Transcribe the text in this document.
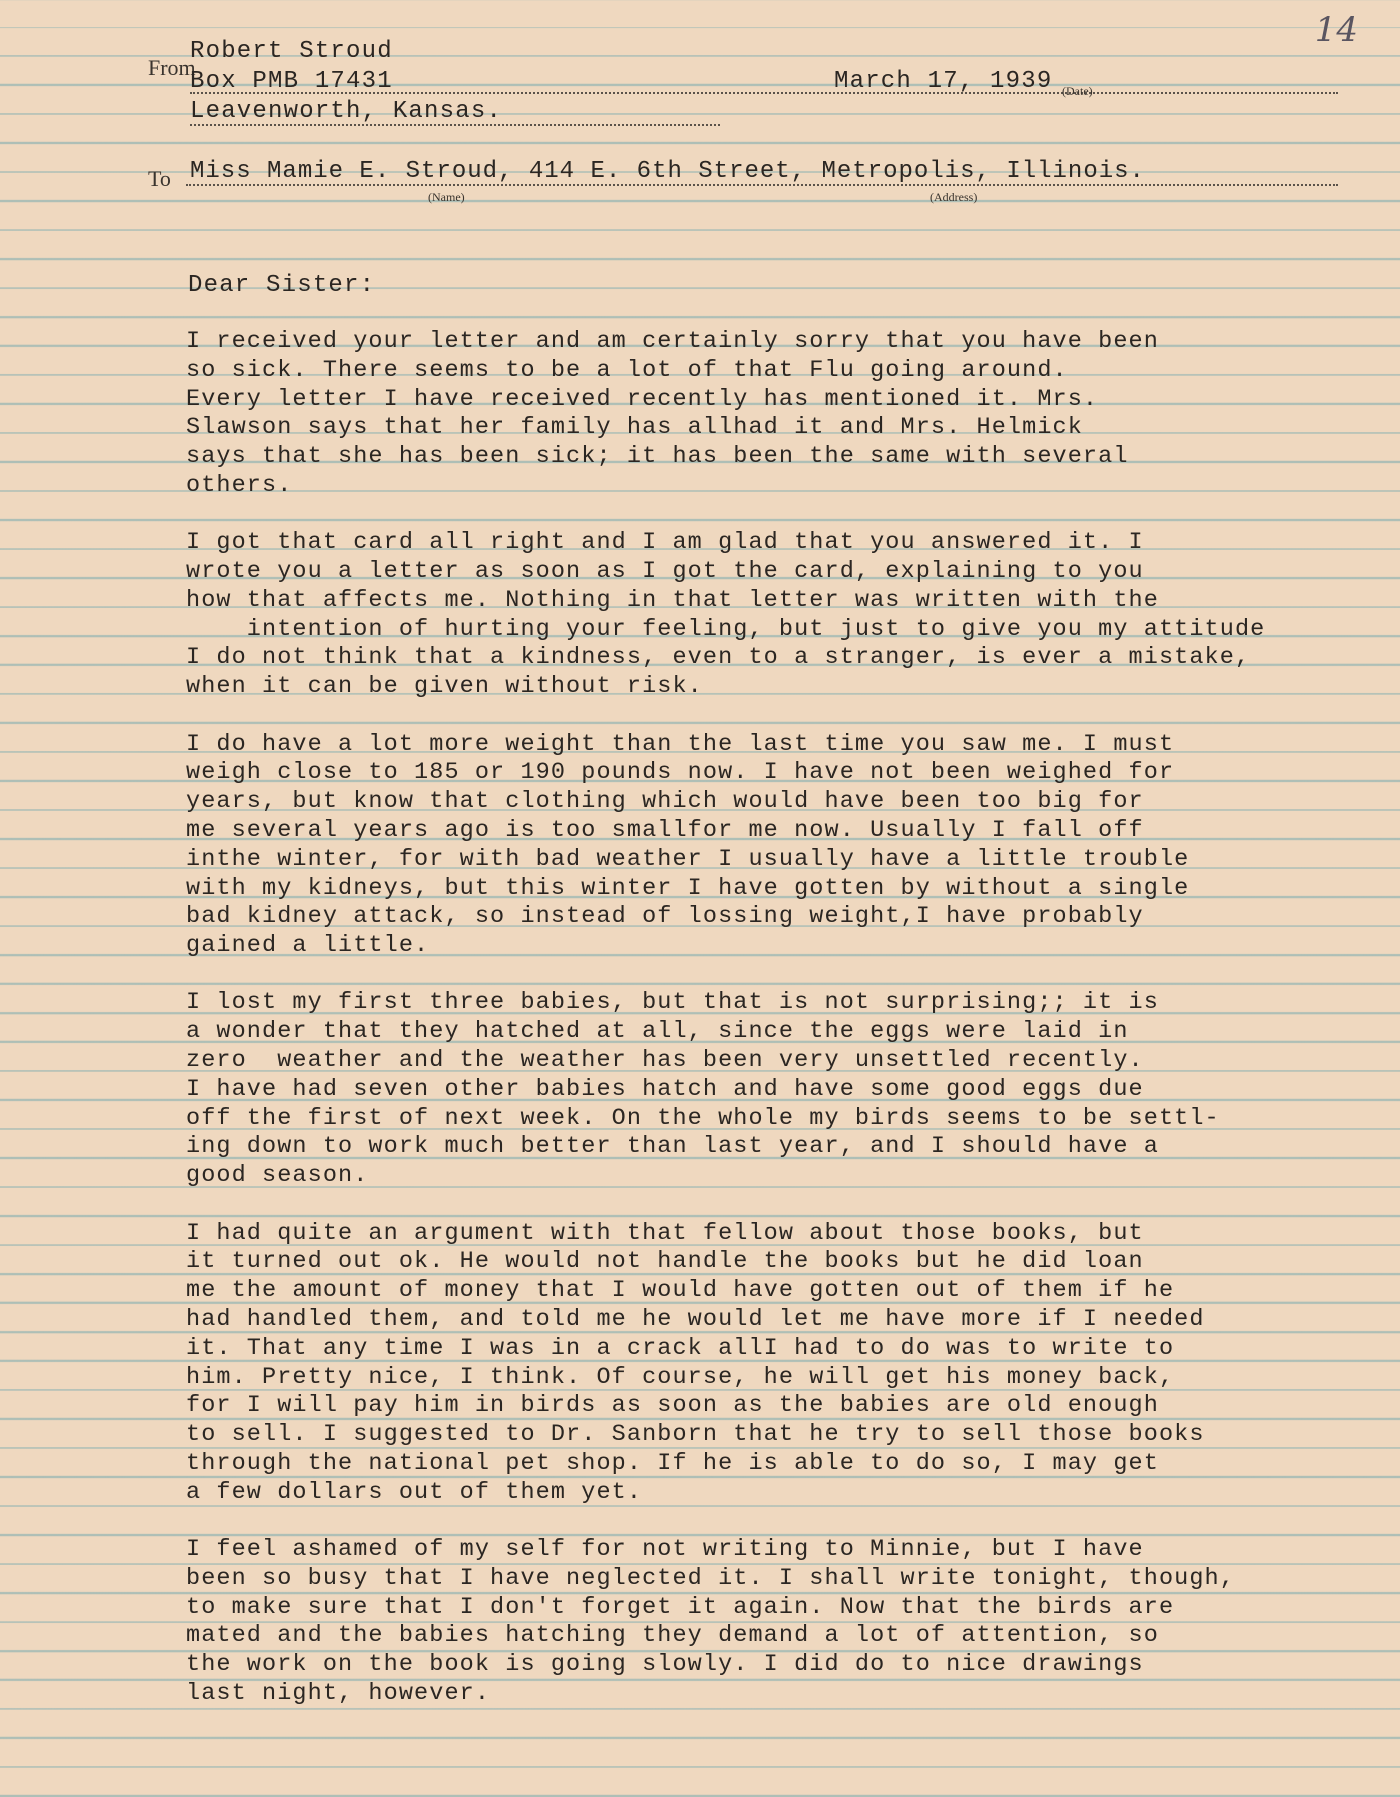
14
From
Robert Stroud
Box PMB 17431	March 17, 1939 (Date)
Leavenworth, Kansas.
To Miss Mamie E. Stroud, 414 E. 6th Street, Metropolis, Illinois.
(Name)	(Address)
Dear Sister:
I received your letter and am certainly sorry that you have been
so sick. There seems to be a lot of that Flu going around.
Every letter I have received recently has mentioned it. Mrs.
Slawson says that her family has allhad it and Mrs. Helmick
says that she has been sick; it has been the same with several
others.
I got that card all right and I am glad that you answered it. I
wrote you a letter as soon as I got the card, explaining to you
how that affects me. Nothing in that letter was written with the
intention of hurting your feeling, but just to give you my attitude
I do not think that a kindness, even to a stranger, is ever a mistake,
when it can be given without risk.
I do have a lot more weight than the last time you saw me. I must
weigh close to 185 or 190 pounds now. I have not been weighed for
years, but know that clothing which would have been too big for
me several years ago is too smallfor me now. Usually I fall off
inthe winter, for with bad weather I usually have a little trouble
with my kidneys, but this winter I have gotten by without a single
bad kidney attack, so instead of lossing weight,I have probably
gained a little.
I lost my first three babies, but that is not surprising;; it is
a wonder that they hatched at all, since the eggs were laid in
zero  weather and the weather has been very unsettled recently.
I have had seven other babies hatch and have some good eggs due
off the first of next week. On the whole my birds seems to be settl-
ing down to work much better than last year, and I should have a
good season.
I had quite an argument with that fellow about those books, but
it turned out ok. He would not handle the books but he did loan
me the amount of money that I would have gotten out of them if he
had handled them, and told me he would let me have more if I needed
it. That any time I was in a crack allI had to do was to write to
him. Pretty nice, I think. Of course, he will get his money back,
for I will pay him in birds as soon as the babies are old enough
to sell. I suggested to Dr. Sanborn that he try to sell those books
through the national pet shop. If he is able to do so, I may get
a few dollars out of them yet.
I feel ashamed of my self for not writing to Minnie, but I have
been so busy that I have neglected it. I shall write tonight, though,
to make sure that I don't forget it again. Now that the birds are
mated and the babies hatching they demand a lot of attention, so
the work on the book is going slowly. I did do to nice drawings
last night, however.
